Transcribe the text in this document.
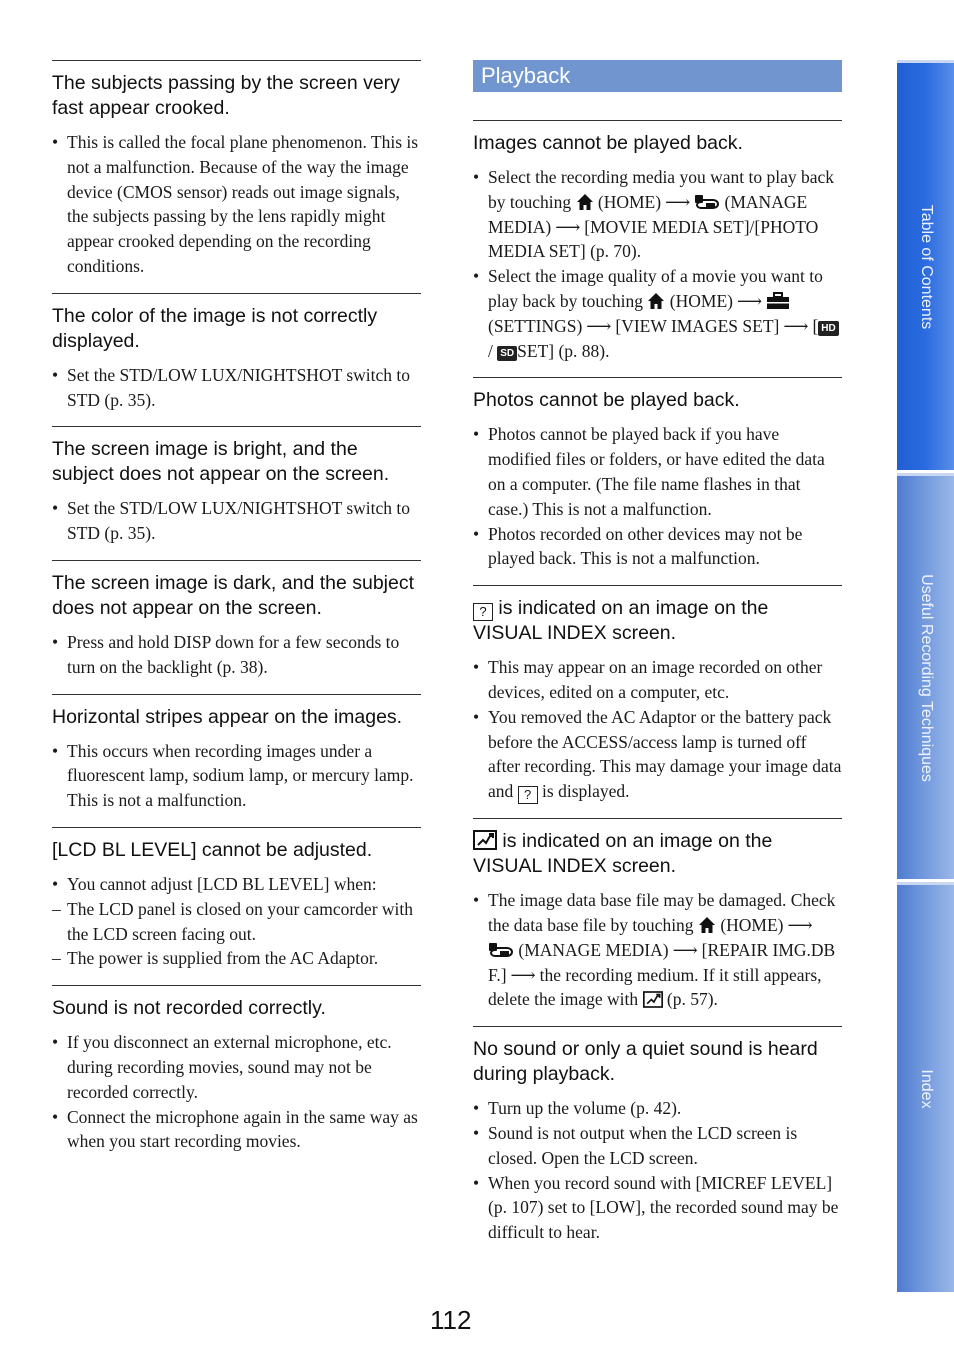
The subjects passing by the screen very fast appear crooked.
• This is called the focal plane phenomenon. This is not a malfunction. Because of the way the image device (CMOS sensor) reads out image signals, the subjects passing by the lens rapidly might appear crooked depending on the recording conditions.
The color of the image is not correctly displayed.
• Set the STD/LOW LUX/NIGHTSHOT switch to STD (p. 35).
The screen image is bright, and the subject does not appear on the screen.
• Set the STD/LOW LUX/NIGHTSHOT switch to STD (p. 35).
The screen image is dark, and the subject does not appear on the screen.
• Press and hold DISP down for a few seconds to turn on the backlight (p. 38).
Horizontal stripes appear on the images.
• This occurs when recording images under a fluorescent lamp, sodium lamp, or mercury lamp. This is not a malfunction.
[LCD BL LEVEL] cannot be adjusted.
• You cannot adjust [LCD BL LEVEL] when:
– The LCD panel is closed on your camcorder with the LCD screen facing out.
– The power is supplied from the AC Adaptor.
Sound is not recorded correctly.
• If you disconnect an external microphone, etc. during recording movies, sound may not be recorded correctly.
• Connect the microphone again in the same way as when you start recording movies.
Playback
Images cannot be played back.
• Select the recording media you want to play back by touching (HOME) ⟶ (MANAGE MEDIA) ⟶ [MOVIE MEDIA SET]/[PHOTO MEDIA SET] (p. 70).
• Select the image quality of a movie you want to play back by touching (HOME) ⟶ (SETTINGS) ⟶ [VIEW IMAGES SET] ⟶ [ HD / SD SET] (p. 88).
Photos cannot be played back.
• Photos cannot be played back if you have modified files or folders, or have edited the data on a computer. (The file name flashes in that case.) This is not a malfunction.
• Photos recorded on other devices may not be played back. This is not a malfunction.
? is indicated on an image on the VISUAL INDEX screen.
• This may appear on an image recorded on other devices, edited on a computer, etc.
• You removed the AC Adaptor or the battery pack before the ACCESS/access lamp is turned off after recording. This may damage your image data and ? is displayed.
is indicated on an image on the VISUAL INDEX screen.
• The image data base file may be damaged. Check the data base file by touching (HOME) ⟶ (MANAGE MEDIA) ⟶ [REPAIR IMG.DB F.] ⟶ the recording medium. If it still appears, delete the image with (p. 57).
No sound or only a quiet sound is heard during playback.
• Turn up the volume (p. 42).
• Sound is not output when the LCD screen is closed. Open the LCD screen.
• When you record sound with [MICREF LEVEL] (p. 107) set to [LOW], the recorded sound may be difficult to hear.
Table of Contents
Useful Recording Techniques
Index
112
